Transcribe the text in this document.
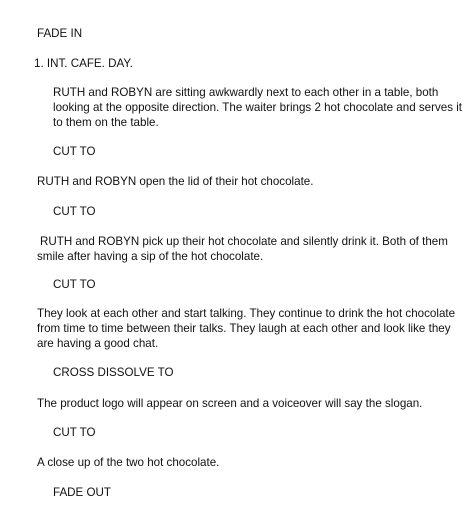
FADE IN

1. INT. CAFE. DAY.

RUTH and ROBYN are sitting awkwardly next to each other in a table, both looking at the opposite direction. The waiter brings 2 hot chocolate and serves it to them on the table.

CUT TO

RUTH and ROBYN open the lid of their hot chocolate.

CUT TO

RUTH and ROBYN pick up their hot chocolate and silently drink it. Both of them smile after having a sip of the hot chocolate.

CUT TO

They look at each other and start talking. They continue to drink the hot chocolate from time to time between their talks. They laugh at each other and look like they are having a good chat.

CROSS DISSOLVE TO

The product logo will appear on screen and a voiceover will say the slogan.

CUT TO

A close up of the two hot chocolate.

FADE OUT
